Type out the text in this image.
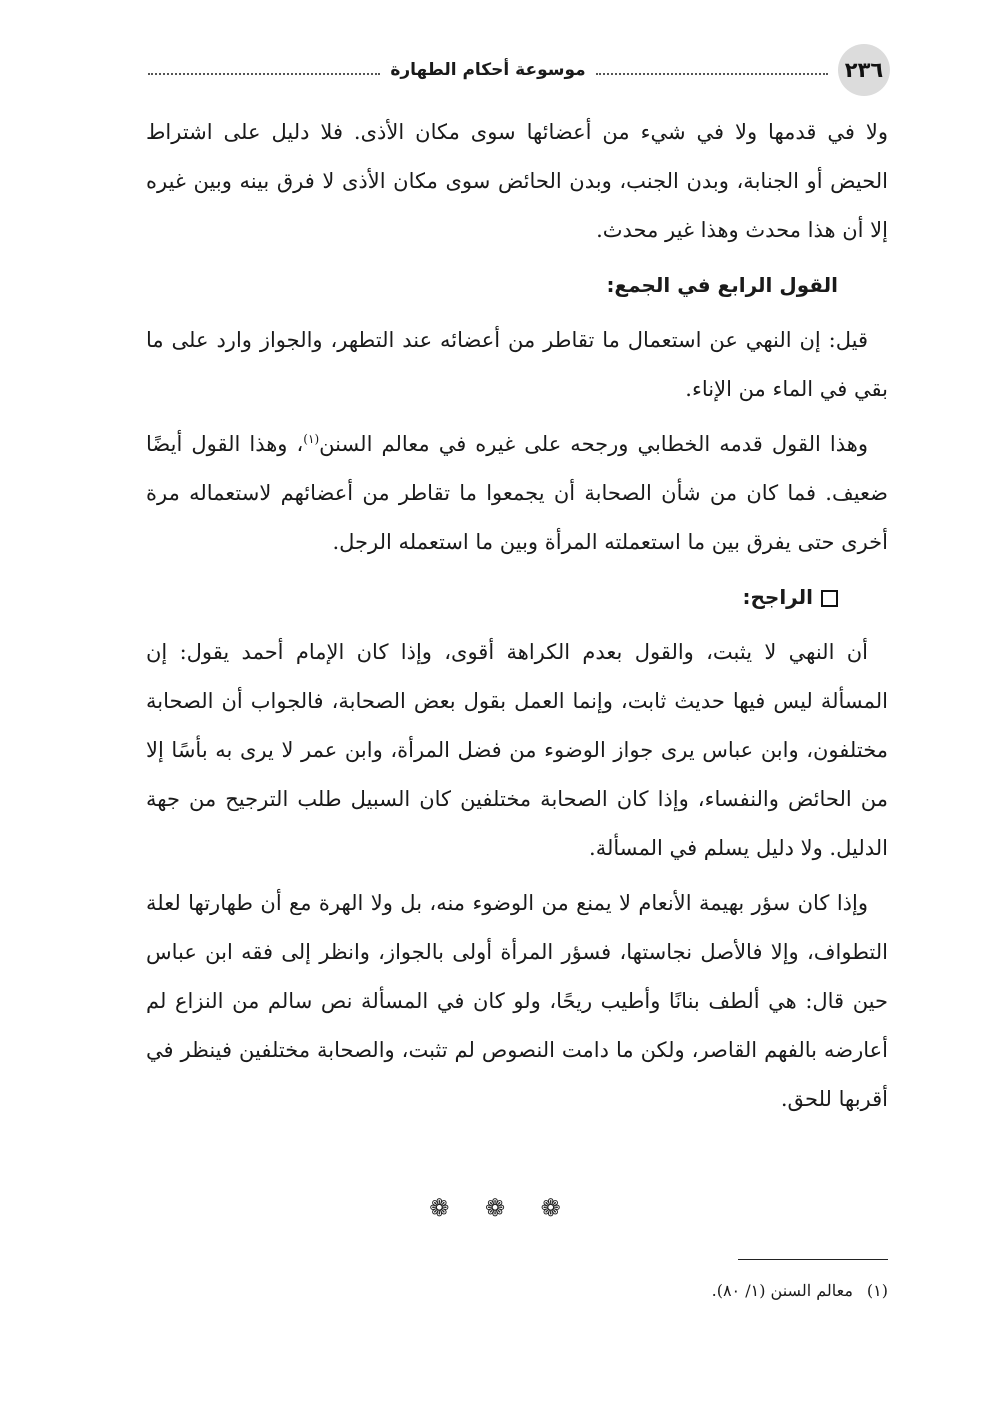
٢٣٦
موسوعة أحكام الطهارة

ولا في قدمها ولا في شيء من أعضائها سوى مكان الأذى. فلا دليل على اشتراط الحيض أو الجنابة، وبدن الجنب، وبدن الحائض سوى مكان الأذى لا فرق بينه وبين غيره إلا أن هذا محدث وهذا غير محدث.

القول الرابع في الجمع:

قيل: إن النهي عن استعمال ما تقاطر من أعضائه عند التطهر، والجواز وارد على ما بقي في الماء من الإناء.

وهذا القول قدمه الخطابي ورجحه على غيره في معالم السنن$^{(١)}$، وهذا القول أيضًا ضعيف. فما كان من شأن الصحابة أن يجمعوا ما تقاطر من أعضائهم لاستعماله مرة أخرى حتى يفرق بين ما استعملته المرأة وبين ما استعمله الرجل.

الراجح:

أن النهي لا يثبت، والقول بعدم الكراهة أقوى، وإذا كان الإمام أحمد يقول: إن المسألة ليس فيها حديث ثابت، وإنما العمل بقول بعض الصحابة، فالجواب أن الصحابة مختلفون، وابن عباس يرى جواز الوضوء من فضل المرأة، وابن عمر لا يرى به بأسًا إلا من الحائض والنفساء، وإذا كان الصحابة مختلفين كان السبيل طلب الترجيح من جهة الدليل. ولا دليل يسلم في المسألة.

وإذا كان سؤر بهيمة الأنعام لا يمنع من الوضوء منه، بل ولا الهرة مع أن طهارتها لعلة التطواف، وإلا فالأصل نجاستها، فسؤر المرأة أولى بالجواز، وانظر إلى فقه ابن عباس حين قال: هي ألطف بنانًا وأطيب ريحًا، ولو كان في المسألة نص سالم من النزاع لم أعارضه بالفهم القاصر، ولكن ما دامت النصوص لم تثبت، والصحابة مختلفين فينظر في أقربها للحق.

❁ ❁ ❁
(١)معالم السنن (١/ ٨٠).
